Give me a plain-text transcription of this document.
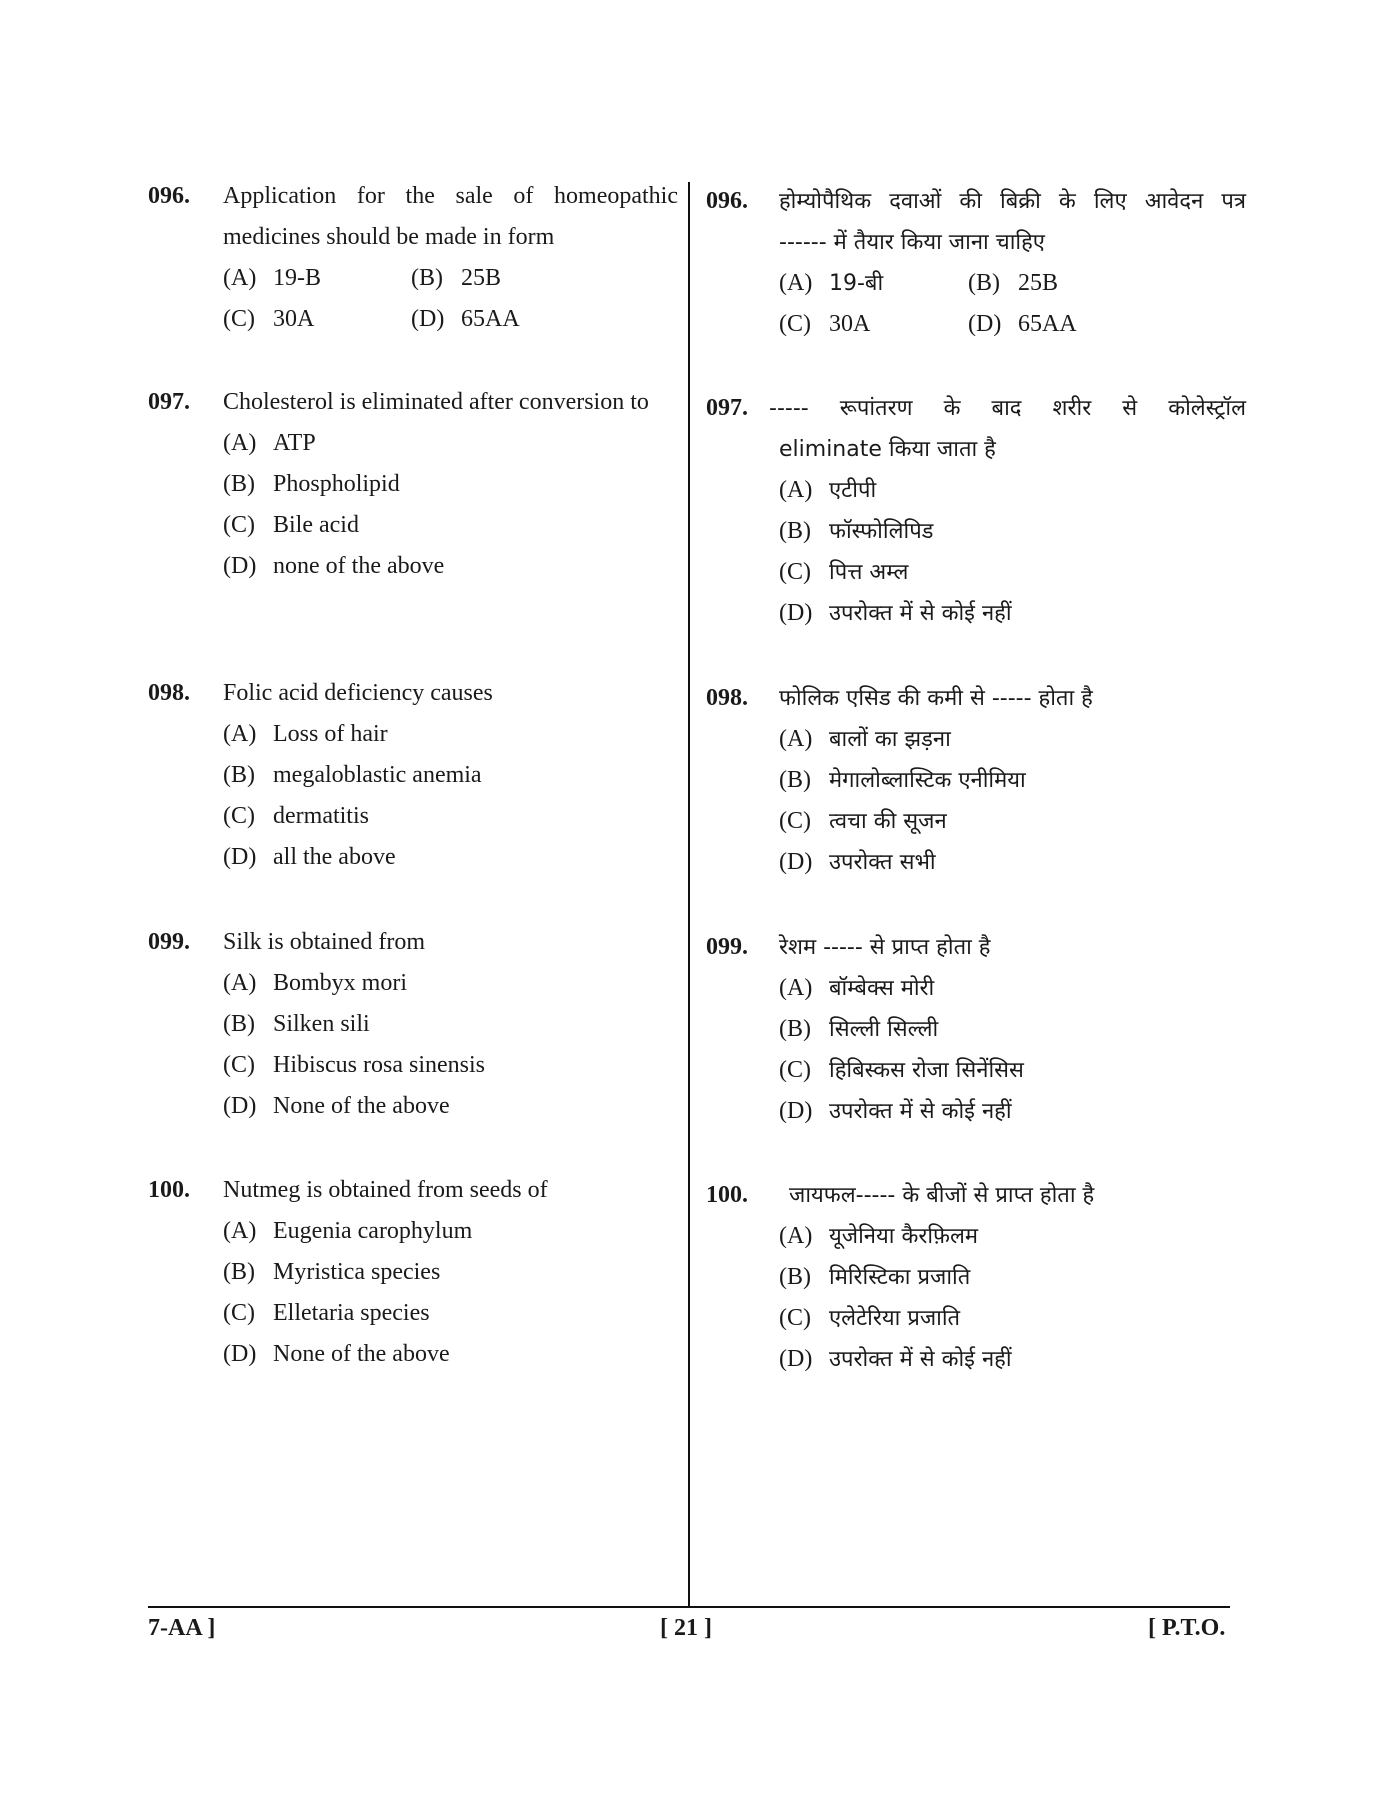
096. Application for the sale of homeopathic
medicines should be made in form
(A) 19-B	(B) 25B
(C) 30A	(D) 65AA
097. Cholesterol is eliminated after conversion to
(A) ATP
(B) Phospholipid
(C) Bile acid
(D) none of the above
098. Folic acid deficiency causes
(A) Loss of hair
(B) megaloblastic anemia
(C) dermatitis
(D) all the above
099. Silk is obtained from
(A) Bombyx mori
(B) Silken sili
(C) Hibiscus rosa sinensis
(D) None of the above
100. Nutmeg is obtained from seeds of
(A) Eugenia carophylum
(B) Myristica species
(C) Elletaria species
(D) None of the above
096. होम्योपैथिक दवाओं की बिक्री के लिए आवेदन पत्र
------ में तैयार किया जाना चाहिए
(A) 19-बी	(B) 25B
(C) 30A	(D) 65AA
097. ----- रूपांतरण के बाद शरीर से कोलेस्ट्रॉल
eliminate किया जाता है
(A) एटीपी
(B) फॉस्फोलिपिड
(C) पित्त अम्ल
(D) उपरोक्त में से कोई नहीं
098. फोलिक एसिड की कमी से ----- होता है
(A) बालों का झड़ना
(B) मेगालोब्लास्टिक एनीमिया
(C) त्वचा की सूजन
(D) उपरोक्त सभी
099. रेशम ----- से प्राप्त होता है
(A) बॉम्बेक्स मोरी
(B) सिल्ली सिल्ली
(C) हिबिस्कस रोजा सिनेंसिस
(D) उपरोक्त में से कोई नहीं
100. जायफल----- के बीजों से प्राप्त होता है
(A) यूजेनिया कैरफ़िलम
(B) मिरिस्टिका प्रजाति
(C) एलेटेरिया प्रजाति
(D) उपरोक्त में से कोई नहीं
7-AA ]	[ 21 ]	[ P.T.O.
